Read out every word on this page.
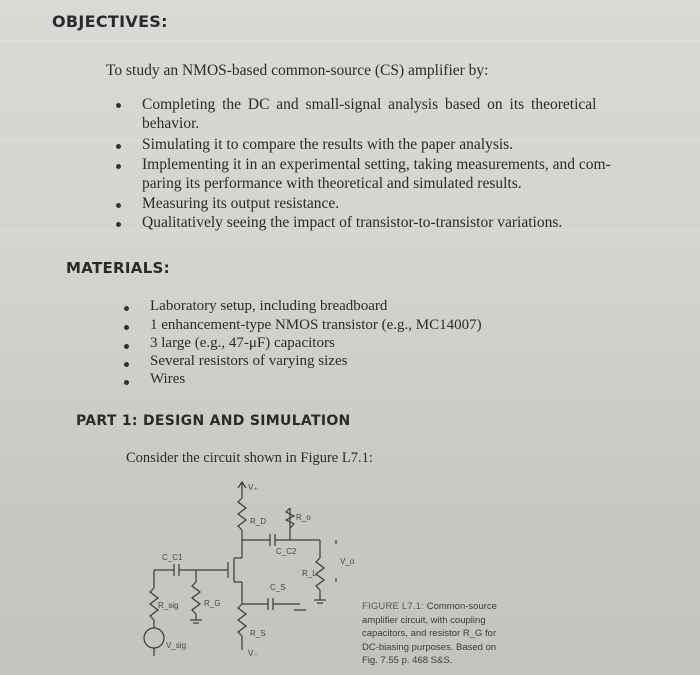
OBJECTIVES:
To study an NMOS-based common-source (CS) amplifier by:
Completing the DC and small-signal analysis based on its theoretical
behavior.
Simulating it to compare the results with the paper analysis.
Implementing it in an experimental setting, taking measurements, and com-
paring its performance with theoretical and simulated results.
Measuring its output resistance.
Qualitatively seeing the impact of transistor-to-transistor variations.
MATERIALS:
Laboratory setup, including breadboard
1 enhancement-type NMOS transistor (e.g., MC14007)
3 large (e.g., 47-μF) capacitors
Several resistors of varying sizes
Wires
PART 1: DESIGN AND SIMULATION
Consider the circuit shown in Figure L7.1:
V₊
R_D	R_o
C_C2
C_C1
C_S
R_sig	R_G
R_S
R_L
V_sig
V_o
V₋
FIGURE L7.1: Common-source
amplifier circuit, with coupling
capacitors, and resistor R_G for
DC-biasing purposes. Based on
Fig. 7.55 p. 468 S&S.
